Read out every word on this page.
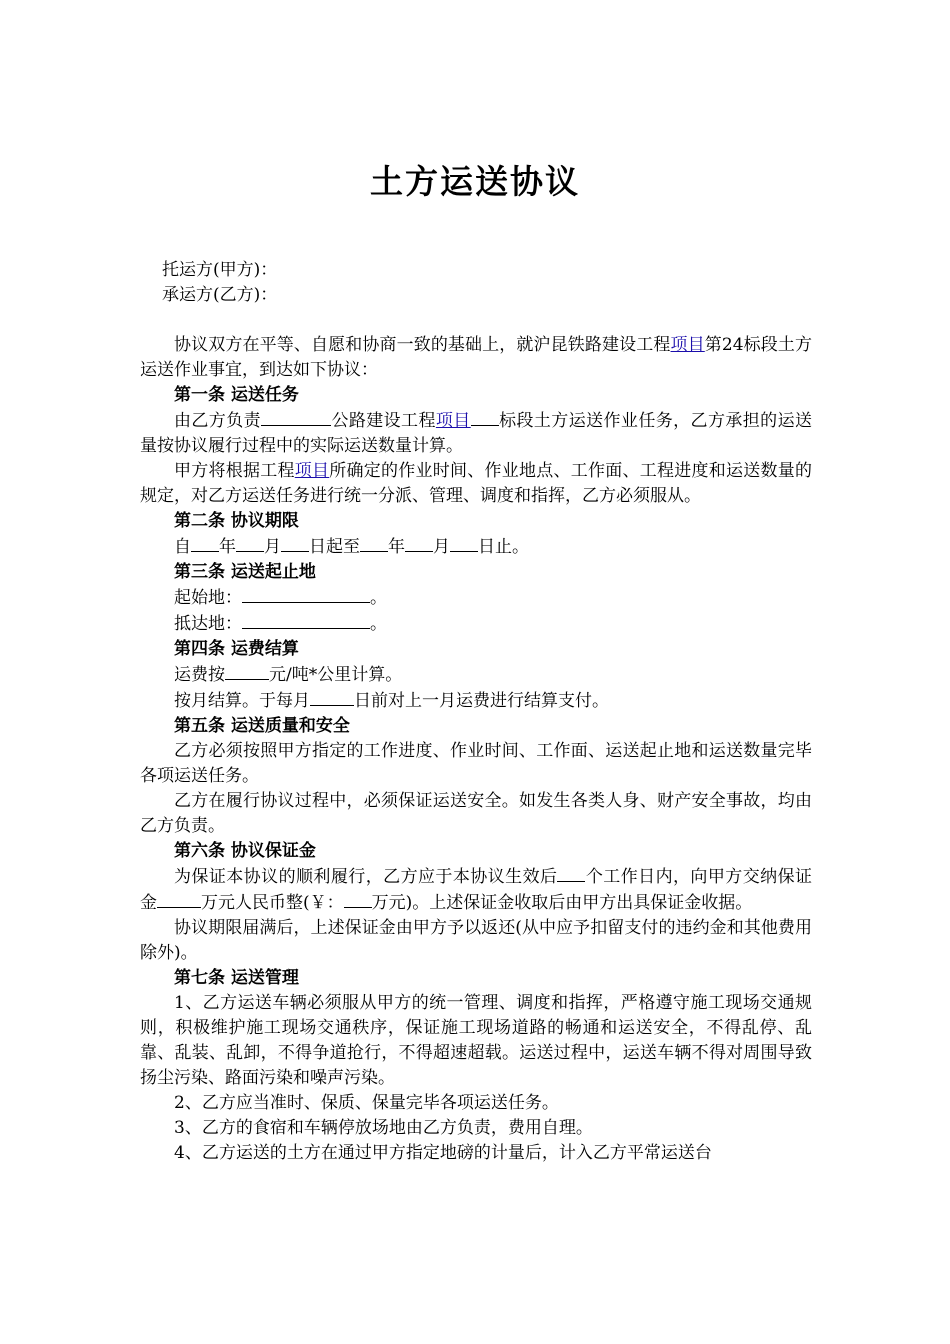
土方运送协议
托运方(甲方)：
承运方(乙方)：

协议双方在平等、自愿和协商一致的基础上，就沪昆铁路建设工程项目第24标段土方运送作业事宜，到达如下协议：

第一条 运送任务

由乙方负责	公路建设工程项目 标段土方运送作业任务，乙方承担的运送量按协议履行过程中的实际运送数量计算。

甲方将根据工程项目所确定的作业时间、作业地点、工作面、工程进度和运送数量的规定，对乙方运送任务进行统一分派、管理、调度和指挥，乙方必须服从。

第二条 协议期限

自 年 月 日起至 年 月 日止。

第三条 运送起止地

起始地：	。

抵达地：	。

第四条 运费结算

运费按	元/吨*公里计算。

按月结算。于每月	日前对上一月运费进行结算支付。

第五条 运送质量和安全

乙方必须按照甲方指定的工作进度、作业时间、工作面、运送起止地和运送数量完毕各项运送任务。

乙方在履行协议过程中，必须保证运送安全。如发生各类人身、财产安全事故，均由乙方负责。

第六条 协议保证金

为保证本协议的顺利履行，乙方应于本协议生效后 个工作日内，向甲方交纳保证金	万元人民币整(￥： 万元)。上述保证金收取后由甲方出具保证金收据。

协议期限届满后，上述保证金由甲方予以返还(从中应予扣留支付的违约金和其他费用除外)。

第七条 运送管理

1、乙方运送车辆必须服从甲方的统一管理、调度和指挥，严格遵守施工现场交通规则，积极维护施工现场交通秩序，保证施工现场道路的畅通和运送安全，不得乱停、乱靠、乱装、乱卸，不得争道抢行，不得超速超载。运送过程中，运送车辆不得对周围导致扬尘污染、路面污染和噪声污染。

2、乙方应当准时、保质、保量完毕各项运送任务。

3、乙方的食宿和车辆停放场地由乙方负责，费用自理。

4、乙方运送的土方在通过甲方指定地磅的计量后，计入乙方平常运送台
